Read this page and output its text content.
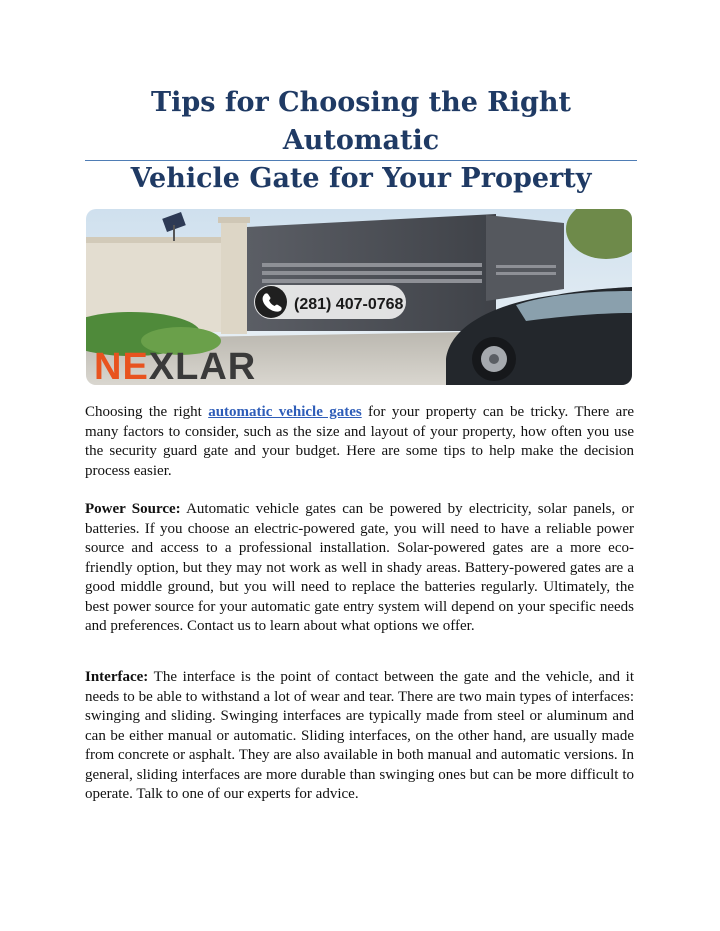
Tips for Choosing the Right Automatic
Vehicle Gate for Your Property
(281) 407-0768
NEXLAR

Choosing the right automatic vehicle gates for your property can be tricky. There are many factors to consider, such as the size and layout of your property, how often you use the security guard gate and your budget. Here are some tips to help make the decision process easier.

Power Source: Automatic vehicle gates can be powered by electricity, solar panels, or batteries. If you choose an electric-powered gate, you will need to have a reliable power source and access to a professional installation. Solar-powered gates are a more eco-friendly option, but they may not work as well in shady areas. Battery-powered gates are a good middle ground, but you will need to replace the batteries regularly. Ultimately, the best power source for your automatic gate entry system will depend on your specific needs and preferences. Contact us to learn about what options we offer.

Interface: The interface is the point of contact between the gate and the vehicle, and it needs to be able to withstand a lot of wear and tear. There are two main types of interfaces: swinging and sliding. Swinging interfaces are typically made from steel or aluminum and can be either manual or automatic. Sliding interfaces, on the other hand, are usually made from concrete or asphalt. They are also available in both manual and automatic versions. In general, sliding interfaces are more durable than swinging ones but can be more difficult to operate. Talk to one of our experts for advice.
